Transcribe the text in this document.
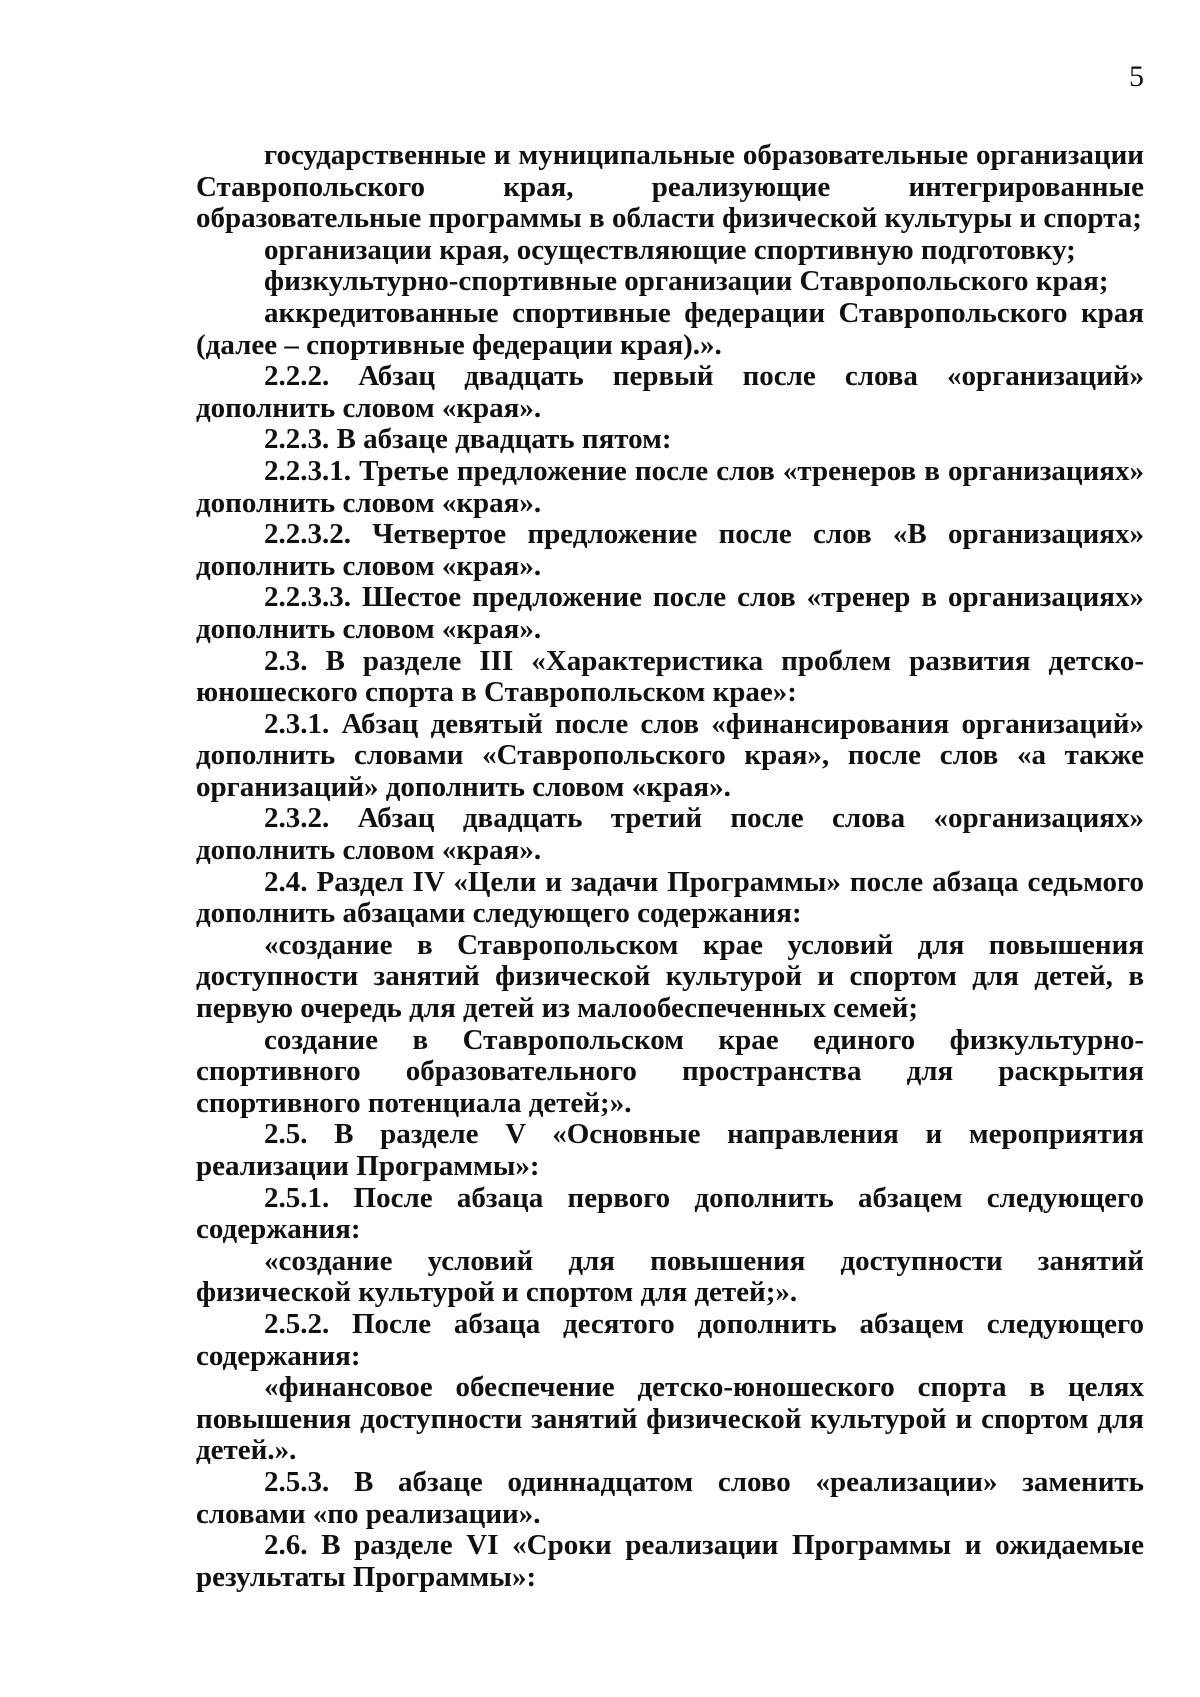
5

государственные и муниципальные образовательные организации Ставропольского края, реализующие интегрированные образовательные программы в области физической культуры и спорта;

организации края, осуществляющие спортивную подготовку;

физкультурно-спортивные организации Ставропольского края;

аккредитованные спортивные федерации Ставропольского края (далее – спортивные федерации края).».

2.2.2. Абзац двадцать первый после слова «организаций» дополнить словом «края».

2.2.3. В абзаце двадцать пятом:

2.2.3.1. Третье предложение после слов «тренеров в организациях» дополнить словом «края».

2.2.3.2. Четвертое предложение после слов «В организациях» дополнить словом «края».

2.2.3.3. Шестое предложение после слов «тренер в организациях» дополнить словом «края».

2.3. В разделе III «Характеристика проблем развития детско-юношеского спорта в Ставропольском крае»:

2.3.1. Абзац девятый после слов «финансирования организаций» дополнить словами «Ставропольского края», после слов «а также организаций» дополнить словом «края».

2.3.2. Абзац двадцать третий после слова «организациях» дополнить словом «края».

2.4. Раздел IV «Цели и задачи Программы» после абзаца седьмого дополнить абзацами следующего содержания:

«создание в Ставропольском крае условий для повышения доступности занятий физической культурой и спортом для детей, в первую очередь для детей из малообеспеченных семей;

создание в Ставропольском крае единого физкультурно-спортивного образовательного пространства для раскрытия спортивного потенциала детей;».

2.5. В разделе V «Основные направления и мероприятия реализации Программы»:

2.5.1. После абзаца первого дополнить абзацем следующего содержания:

«создание условий для повышения доступности занятий физической культурой и спортом для детей;».

2.5.2. После абзаца десятого дополнить абзацем следующего содержания:

«финансовое обеспечение детско-юношеского спорта в целях повышения доступности занятий физической культурой и спортом для детей.».

2.5.3. В абзаце одиннадцатом слово «реализации» заменить словами «по реализации».

2.6. В разделе VI «Сроки реализации Программы и ожидаемые результаты Программы»:
